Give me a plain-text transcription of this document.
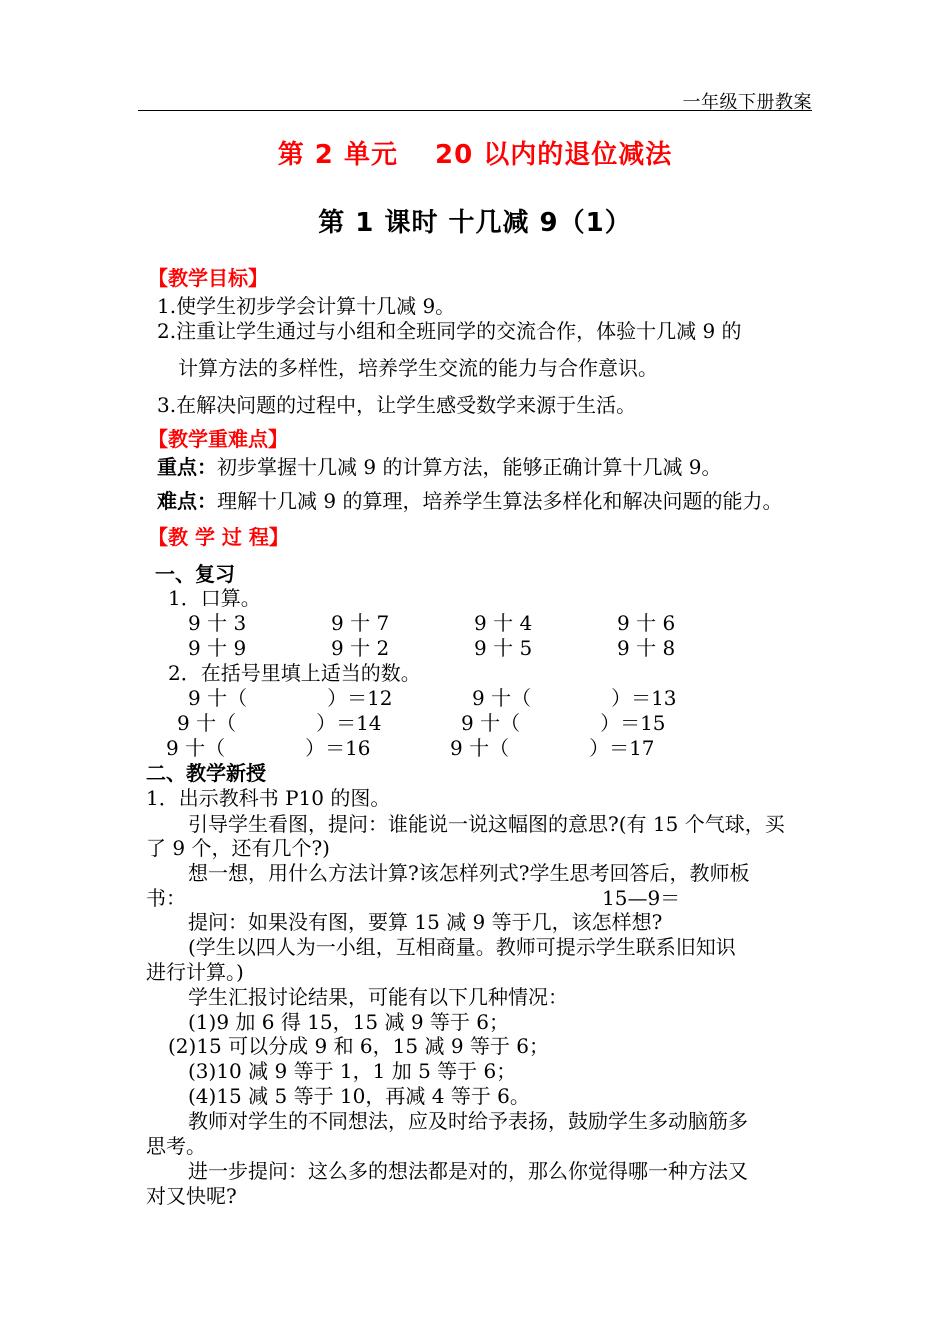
一年级下册教案
第 2 单元　 20 以内的退位减法
第 1 课时 十几减 9（1）
【教学目标】
1.使学生初步学会计算十几减 9。
2.注重让学生通过与小组和全班同学的交流合作，体验十几减 9 的
计算方法的多样性，培养学生交流的能力与合作意识。
3.在解决问题的过程中，让学生感受数学来源于生活。
【教学重难点】
重点：初步掌握十几减 9 的计算方法，能够正确计算十几减 9。
难点：理解十几减 9 的算理，培养学生算法多样化和解决问题的能力。
【教 学 过 程】
一、复习
1．口算。
9 十 3	9 十 7	9 十 4	9 十 6
9 十 9	9 十 2	9 十 5	9 十 8
2．在括号里填上适当的数。
9 十（　　　　）＝12	9 十（　　　　）＝13
9 十（　　　　）＝14	9 十（　　　　）＝15
9 十（　　　　）＝16	9 十（　　　　）＝17
二、教学新授
1．出示教科书 P10 的图。
引导学生看图，提问：谁能说一说这幅图的意思?(有 15 个气球，买
了 9 个，还有几个?)
想一想，用什么方法计算?该怎样列式?学生思考回答后，教师板
书：	15—9＝
提问：如果没有图，要算 15 减 9 等于几，该怎样想?
(学生以四人为一小组，互相商量。教师可提示学生联系旧知识
进行计算。)
学生汇报讨论结果，可能有以下几种情况：
(1)9 加 6 得 15，15 减 9 等于 6；
(2)15 可以分成 9 和 6，15 减 9 等于 6；
(3)10 减 9 等于 1，1 加 5 等于 6；
(4)15 减 5 等于 10，再减 4 等于 6。
教师对学生的不同想法，应及时给予表扬，鼓励学生多动脑筋多
思考。
进一步提问：这么多的想法都是对的，那么你觉得哪一种方法又
对又快呢?
